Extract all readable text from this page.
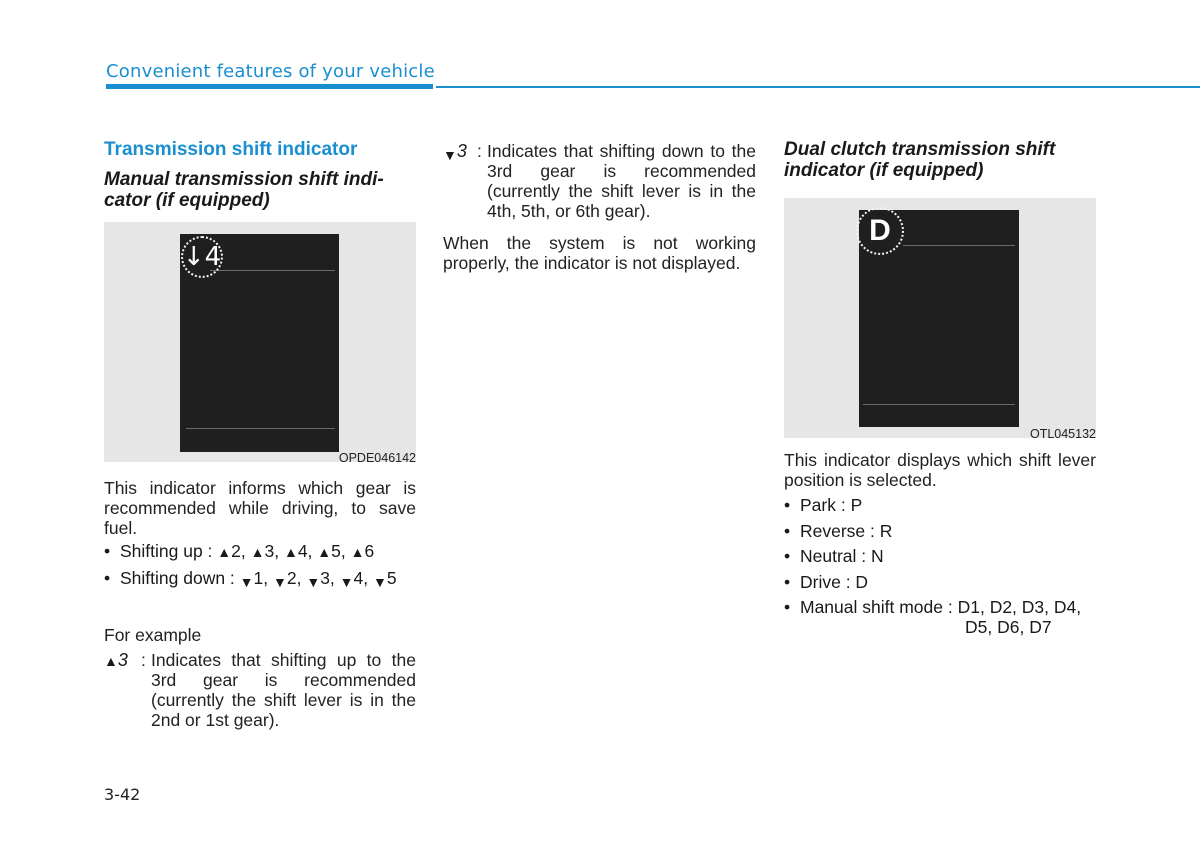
Convenient features of your vehicle
Transmission shift indicator
Manual transmission shift indi-
cator (if equipped)
↓4
OPDE046142
This indicator informs which gear is recommended while driving, to save fuel.
• Shifting up : ▲2, ▲3, ▲4, ▲5, ▲6
• Shifting down : ▼1, ▼2, ▼3, ▼4, ▼5
For example
▲3 : Indicates that shifting up to the 3rd gear is recommended (currently the shift lever is in the 2nd or 1st gear).
▼3 : Indicates that shifting down to the 3rd gear is recommended (currently the shift lever is in the 4th, 5th, or 6th gear).
When the system is not working properly, the indicator is not displayed.
Dual clutch transmission shift
indicator (if equipped)
D
OTL045132
This indicator displays which shift lever position is selected.
• Park : P
• Reverse : R
• Neutral : N
• Drive : D
• Manual shift mode : D1, D2, D3, D4,
D5, D6, D7
3-42
